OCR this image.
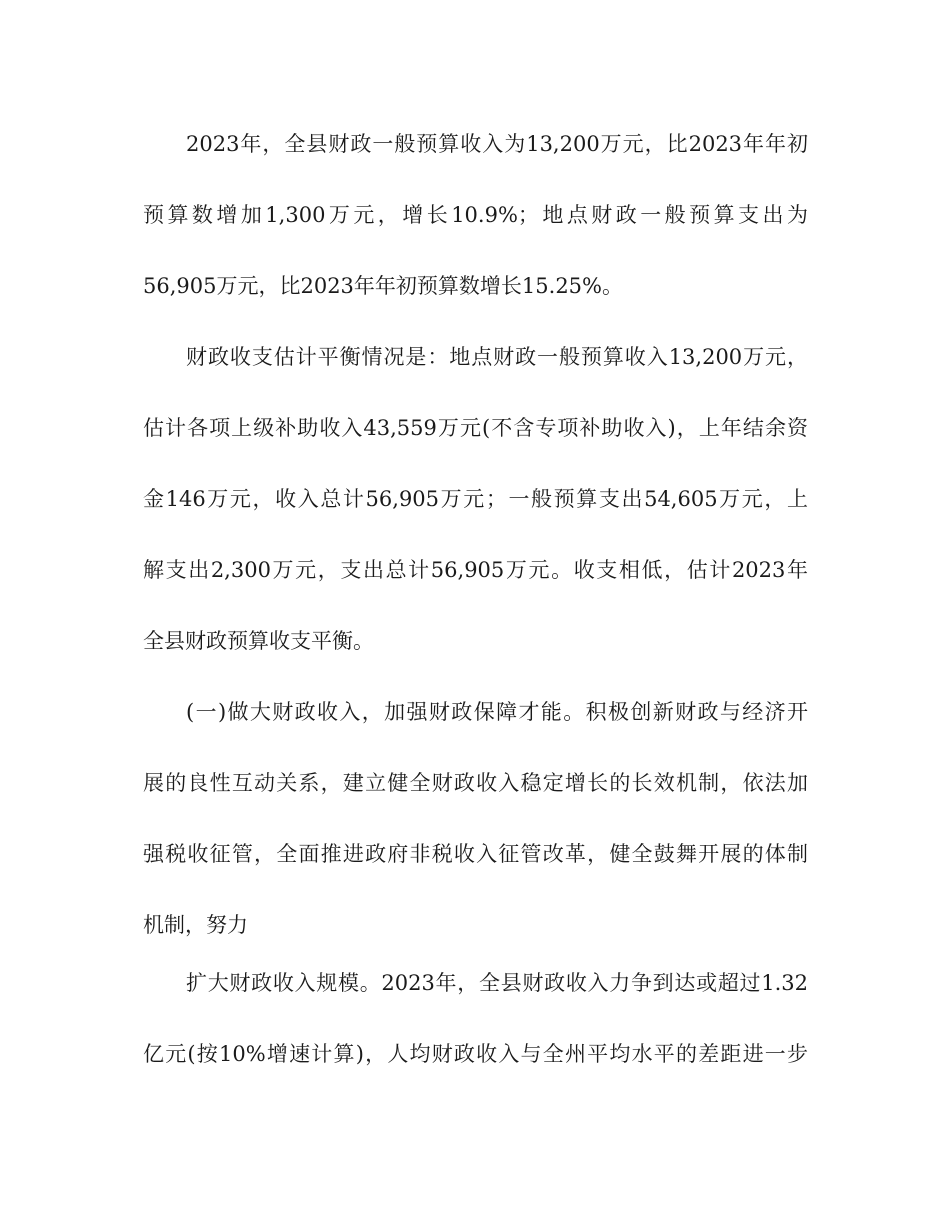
2023年，全县财政一般预算收入为13,200万元，比2023年年初
预算数增加1,300万元，增长10.9%；地点财政一般预算支出为
56,905万元，比2023年年初预算数增长15.25%。
财政收支估计平衡情况是：地点财政一般预算收入13,200万元，
估计各项上级补助收入43,559万元(不含专项补助收入)，上年结余资
金146万元，收入总计56,905万元；一般预算支出54,605万元，上
解支出2,300万元，支出总计56,905万元。收支相低，估计2023年
全县财政预算收支平衡。
(一)做大财政收入，加强财政保障才能。积极创新财政与经济开
展的良性互动关系，建立健全财政收入稳定增长的长效机制，依法加
强税收征管，全面推进政府非税收入征管改革，健全鼓舞开展的体制
机制，努力
扩大财政收入规模。2023年，全县财政收入力争到达或超过1.32
亿元(按10%增速计算)，人均财政收入与全州平均水平的差距进一步
